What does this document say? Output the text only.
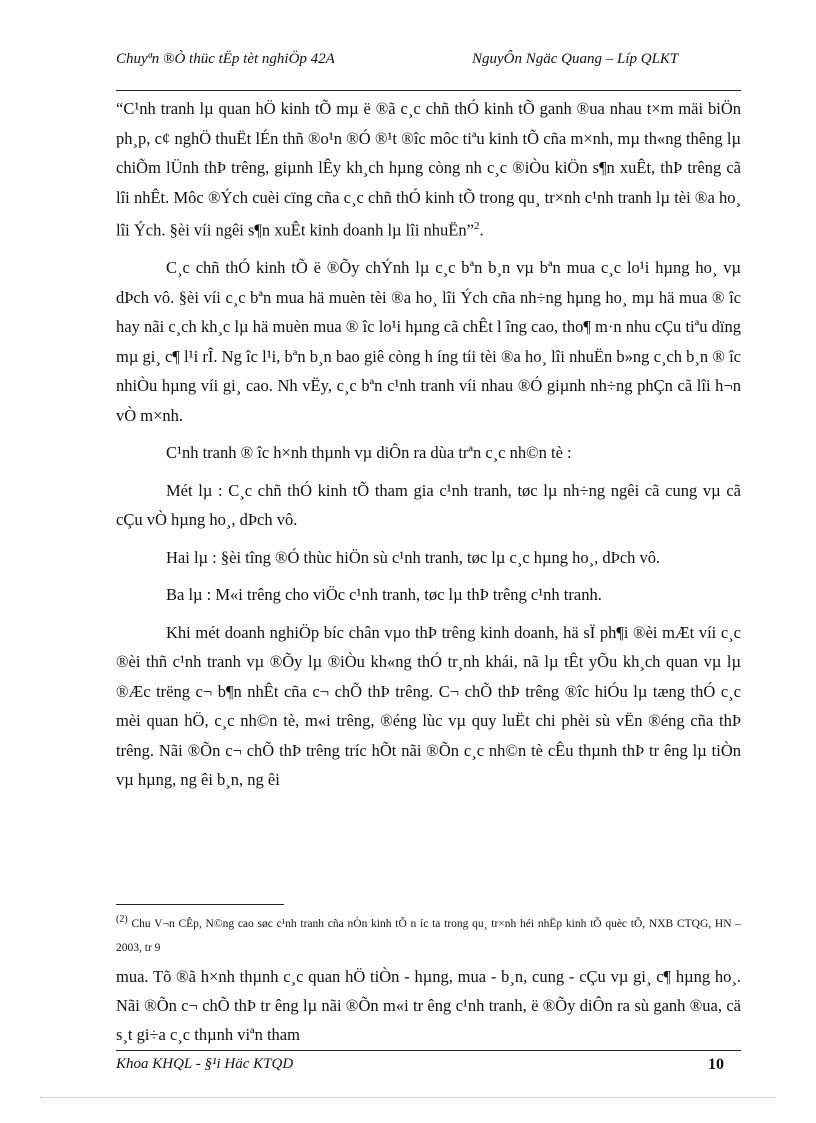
Chuyªn ®Ò thüc tËp tèt nghiÖp 42A	NguyÔn Ngäc Quang – Líp QLKT

“C¹nh tranh lµ quan hÖ kinh tÕ mµ ë ®ã c¸c chñ thÓ kinh tÕ ganh ®ua nhau t×m mäi biÖn ph¸p, c¢ nghÖ thuËt lÉn thñ ®o¹n ®Ó ®¹t ®îc môc tiªu kinh tÕ cña m×nh, mµ th«ng thêng lµ chiÕm lÜnh thÞ trêng, giµnh lÊy kh¸ch hµng còng nh c¸c ®iÒu kiÖn s¶n xuÊt, thÞ trêng cã lîi nhÊt. Môc ®Ých cuèi cïng cña c¸c chñ thÓ kinh tÕ trong qu¸ tr×nh c¹nh tranh lµ tèi ®a ho¸ lîi Ých. §èi víi ngêi s¶n xuÊt kinh doanh lµ lîi nhuËn”$^2$.

C¸c chñ thÓ kinh tÕ ë ®Õy chÝnh lµ c¸c bªn b¸n vµ bªn mua c¸c lo¹i hµng ho¸ vµ dÞch vô. §èi víi c¸c bªn mua hä muèn tèi ®a ho¸ lîi Ých cña nh÷ng hµng ho¸ mµ hä mua ® îc hay nãi c¸ch kh¸c lµ hä muèn mua ® îc lo¹i hµng cã chÊt l îng cao, tho¶ m·n nhu cÇu tiªu dïng mµ gi¸ c¶ l¹i rÎ. Ng îc l¹i, bªn b¸n bao giê còng h íng tíi tèi ®a ho¸ lîi nhuËn b»ng c¸ch b¸n ® îc nhiÒu hµng víi gi¸ cao. Nh vËy, c¸c bªn c¹nh tranh víi nhau ®Ó giµnh nh÷ng phÇn cã lîi h¬n vÒ m×nh.

C¹nh tranh ® îc h×nh thµnh vµ diÔn ra dùa trªn c¸c nh©n tè :

Mét lµ : C¸c chñ thÓ kinh tÕ tham gia c¹nh tranh, tøc lµ nh÷ng ngêi cã cung vµ cã cÇu vÒ hµng ho¸, dÞch vô.

Hai lµ : §èi tîng ®Ó thùc hiÖn sù c¹nh tranh, tøc lµ c¸c hµng ho¸, dÞch vô.

Ba lµ : M«i trêng cho viÖc c¹nh tranh, tøc lµ thÞ trêng c¹nh tranh.

Khi mét doanh nghiÖp bíc chân vµo thÞ trêng kinh doanh, hä sÏ ph¶i ®èi mÆt víi c¸c ®èi thñ c¹nh tranh vµ ®Õy lµ ®iÒu kh«ng thÓ tr¸nh khái, nã lµ tÊt yÕu kh¸ch quan vµ lµ ®Æc trëng c¬ b¶n nhÊt cña c¬ chÕ thÞ trêng. C¬ chÕ thÞ trêng ®îc hiÓu lµ tæng thÓ c¸c mèi quan hÖ, c¸c nh©n tè, m«i trêng, ®éng lùc vµ quy luËt chi phèi sù vËn ®éng cña thÞ trêng. Nãi ®Õn c¬ chÕ thÞ trêng tríc hÕt nãi ®Õn c¸c nh©n tè cÊu thµnh thÞ tr êng lµ tiÒn vµ hµng, ng êi b¸n, ng êi

(2) Chu V¬n CÊp, N©ng cao søc c¹nh tranh cña nÒn kinh tÕ n íc ta trong qu¸ tr×nh héi nhËp kinh tÕ quèc tÕ, NXB CTQG, HN – 2003, tr 9

mua. Tõ ®ã h×nh thµnh c¸c quan hÖ tiÒn - hµng, mua - b¸n, cung - cÇu vµ gi¸ c¶ hµng ho¸. Nãi ®Õn c¬ chÕ thÞ tr êng lµ nãi ®Õn m«i tr êng c¹nh tranh, ë ®Õy diÔn ra sù ganh ®ua, cä s¸t gi÷a c¸c thµnh viªn tham

Khoa KHQL - §¹i Häc KTQD	10
